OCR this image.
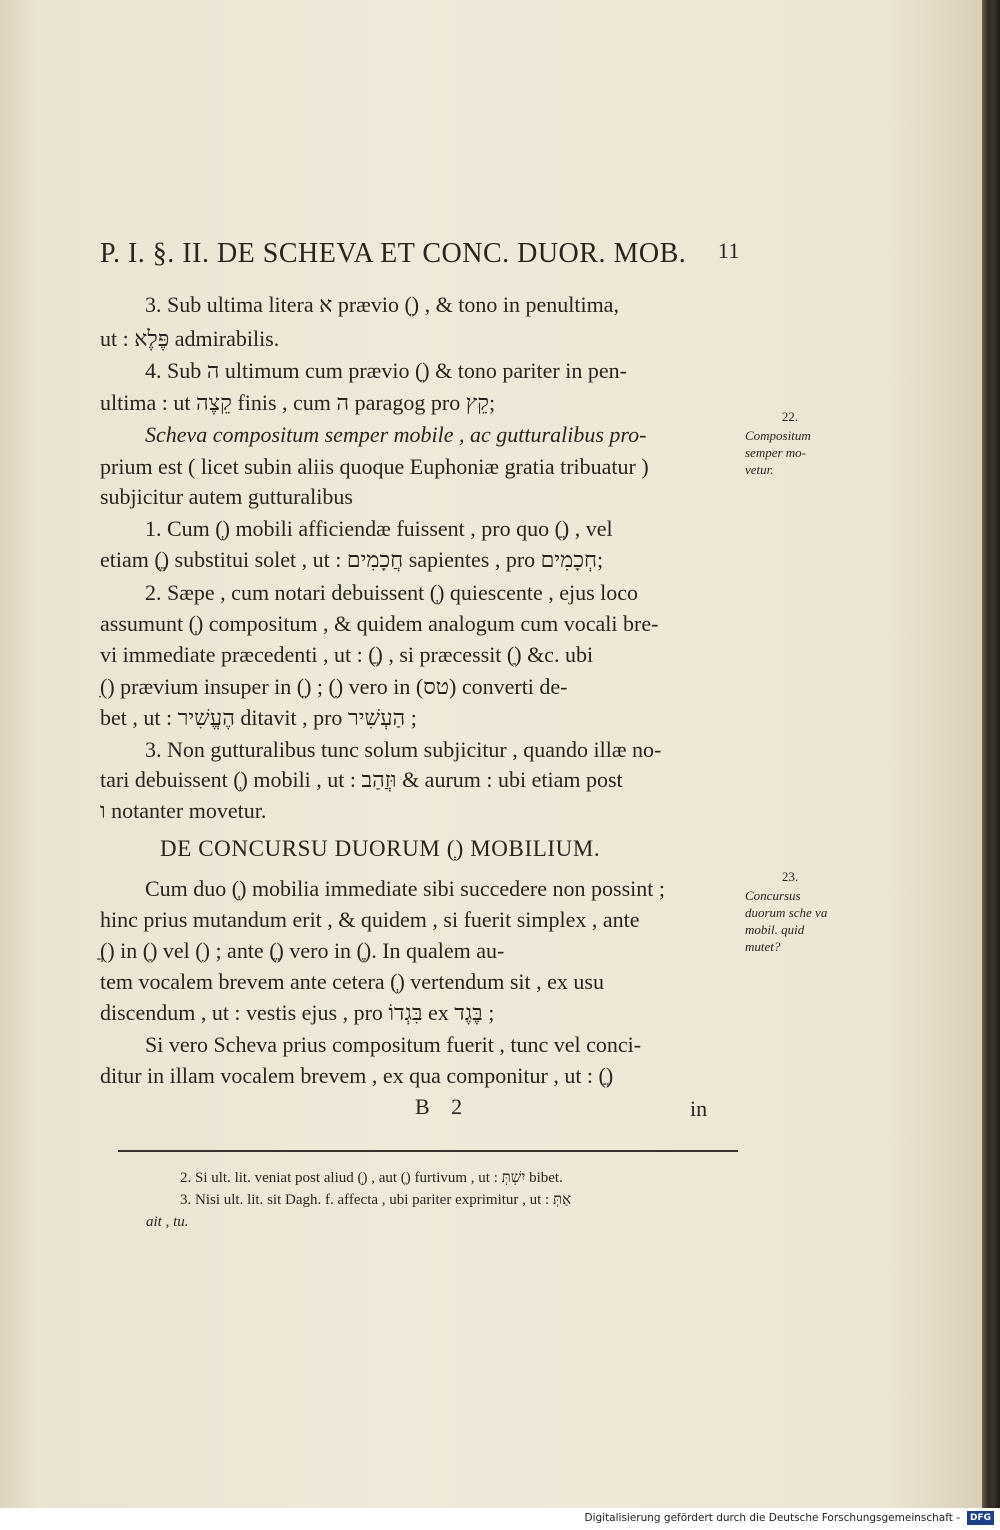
P. I. §. II. DE SCHEVA ET CONC. DUOR. MOB. 11
3. Sub ultima litera א prævio (ֵ) , & tono in penultima,
ut : פֶּלֶא admirabilis.
4. Sub ה ultimum cum prævio (ֵ) & tono pariter in pen-
ultima : ut קֵצֶה finis , cum ה paragog pro קֵץ;
Scheva compositum semper mobile , ac gutturalibus pro-
prium est ( licet subin aliis quoque Euphoniæ gratia tribuatur )
subjicitur autem gutturalibus
1. Cum (ְ) mobili afficiendæ fuissent , pro quo (ֲ) , vel
etiam (ֱ) substitui solet , ut : חֲכָמִים sapientes , pro חְכָמִים;
2. Sæpe , cum notari debuissent (ְ) quiescente , ejus loco
assumunt (ְ) compositum , & quidem analogum cum vocali bre-
vi immediate præcedenti , ut : (ֲ) , si præcessit (ַ) &c. ubi
(ִ) prævium insuper in (ֵ) ; (ִ) vero in (טס) converti de-
bet , ut : הֶעֱשִׁיר ditavit , pro הַעְשִׁיר ;
3. Non gutturalibus tunc solum subjicitur , quando illæ no-
tari debuissent (ְ) mobili , ut : וּזֲהַב & aurum : ubi etiam post
ו notanter movetur.
DE CONCURSU DUORUM (ְ) MOBILIUM.
Cum duo (ְ) mobilia immediate sibi succedere non possint ;
hinc prius mutandum erit , & quidem , si fuerit simplex , ante
(ֲ) in (ַ) vel (ִ) ; ante (ֱ) vero in (ֶ). In qualem au-
tem vocalem brevem ante cetera (ְ) vertendum sit , ex usu
discendum , ut : vestis ejus , pro בִּגְדוֹ ex בֶּגֶד ;
Si vero Scheva prius compositum fuerit , tunc vel conci-
ditur in illam vocalem brevem , ex qua componitur , ut : (ֲ)
B 2	in
2. Si ult. lit. veniat post aliud (ְ) , aut (ַ) furtivum , ut : יִשְׁתְּ bibet.
3. Nisi ult. lit. sit Dagh. f. affecta , ubi pariter exprimitur , ut : אַתְּ
ait , tu.
22.
Compositum semper mo- vetur.
23.
Concursus duorum sche va mobil. quid mutet?
Digitalisierung gefördert durch die Deutsche Forschungsgemeinschaft -	DFG
